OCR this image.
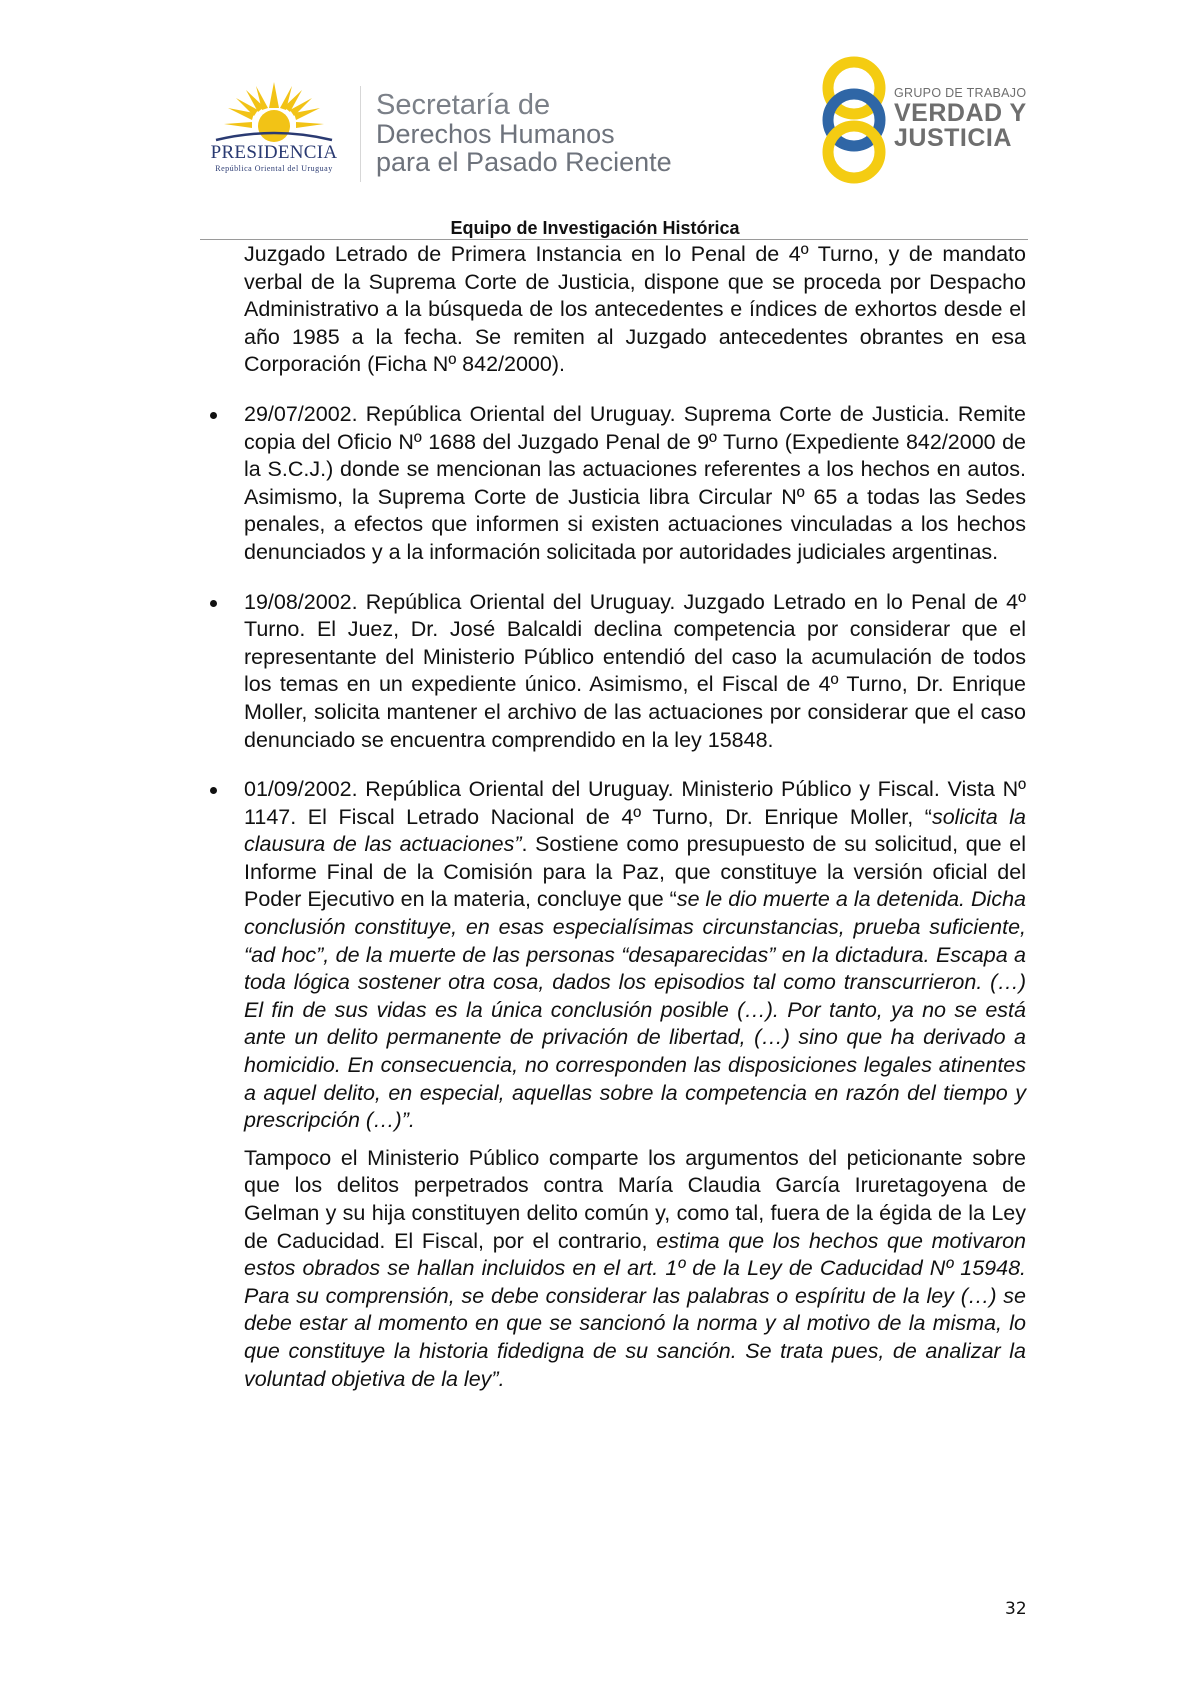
PRESIDENCIA
República Oriental del Uruguay
Secretaría de
Derechos Humanos
para el Pasado Reciente
GRUPO DE TRABAJO
VERDAD Y
JUSTICIA
Equipo de Investigación Histórica

Juzgado Letrado de Primera Instancia en lo Penal de 4º Turno, y de mandato verbal de la Suprema Corte de Justicia, dispone que se proceda por Despacho Administrativo a la búsqueda de los antecedentes e índices de exhortos desde el año 1985 a la fecha. Se remiten al Juzgado antecedentes obrantes en esa Corporación (Ficha Nº 842/2000).

29/07/2002. República Oriental del Uruguay. Suprema Corte de Justicia. Remite copia del Oficio Nº 1688 del Juzgado Penal de 9º Turno (Expediente 842/2000 de la S.C.J.) donde se mencionan las actuaciones referentes a los hechos en autos. Asimismo, la Suprema Corte de Justicia libra Circular Nº 65 a todas las Sedes penales, a efectos que informen si existen actuaciones vinculadas a los hechos denunciados y a la información solicitada por autoridades judiciales argentinas.

19/08/2002. República Oriental del Uruguay. Juzgado Letrado en lo Penal de 4º Turno. El Juez, Dr. José Balcaldi declina competencia por considerar que el representante del Ministerio Público entendió del caso la acumulación de todos los temas en un expediente único. Asimismo, el Fiscal de 4º Turno, Dr. Enrique Moller, solicita mantener el archivo de las actuaciones por considerar que el caso denunciado se encuentra comprendido en la ley 15848.

01/09/2002. República Oriental del Uruguay. Ministerio Público y Fiscal. Vista Nº 1147. El Fiscal Letrado Nacional de 4º Turno, Dr. Enrique Moller, “solicita la clausura de las actuaciones”. Sostiene como presupuesto de su solicitud, que el Informe Final de la Comisión para la Paz, que constituye la versión oficial del Poder Ejecutivo en la materia, concluye que “se le dio muerte a la detenida. Dicha conclusión constituye, en esas especialísimas circunstancias, prueba suficiente, “ad hoc”, de la muerte de las personas “desaparecidas” en la dictadura. Escapa a toda lógica sostener otra cosa, dados los episodios tal como transcurrieron. (…) El fin de sus vidas es la única conclusión posible (…). Por tanto, ya no se está ante un delito permanente de privación de libertad, (…) sino que ha derivado a homicidio. En consecuencia, no corresponden las disposiciones legales atinentes a aquel delito, en especial, aquellas sobre la competencia en razón del tiempo y prescripción (…)”.

Tampoco el Ministerio Público comparte los argumentos del peticionante sobre que los delitos perpetrados contra María Claudia García Iruretagoyena de Gelman y su hija constituyen delito común y, como tal, fuera de la égida de la Ley de Caducidad. El Fiscal, por el contrario, estima que los hechos que motivaron estos obrados se hallan incluidos en el art. 1º de la Ley de Caducidad Nº 15948. Para su comprensión, se debe considerar las palabras o espíritu de la ley (…) se debe estar al momento en que se sancionó la norma y al motivo de la misma, lo que constituye la historia fidedigna de su sanción. Se trata pues, de analizar la voluntad objetiva de la ley”.

32
